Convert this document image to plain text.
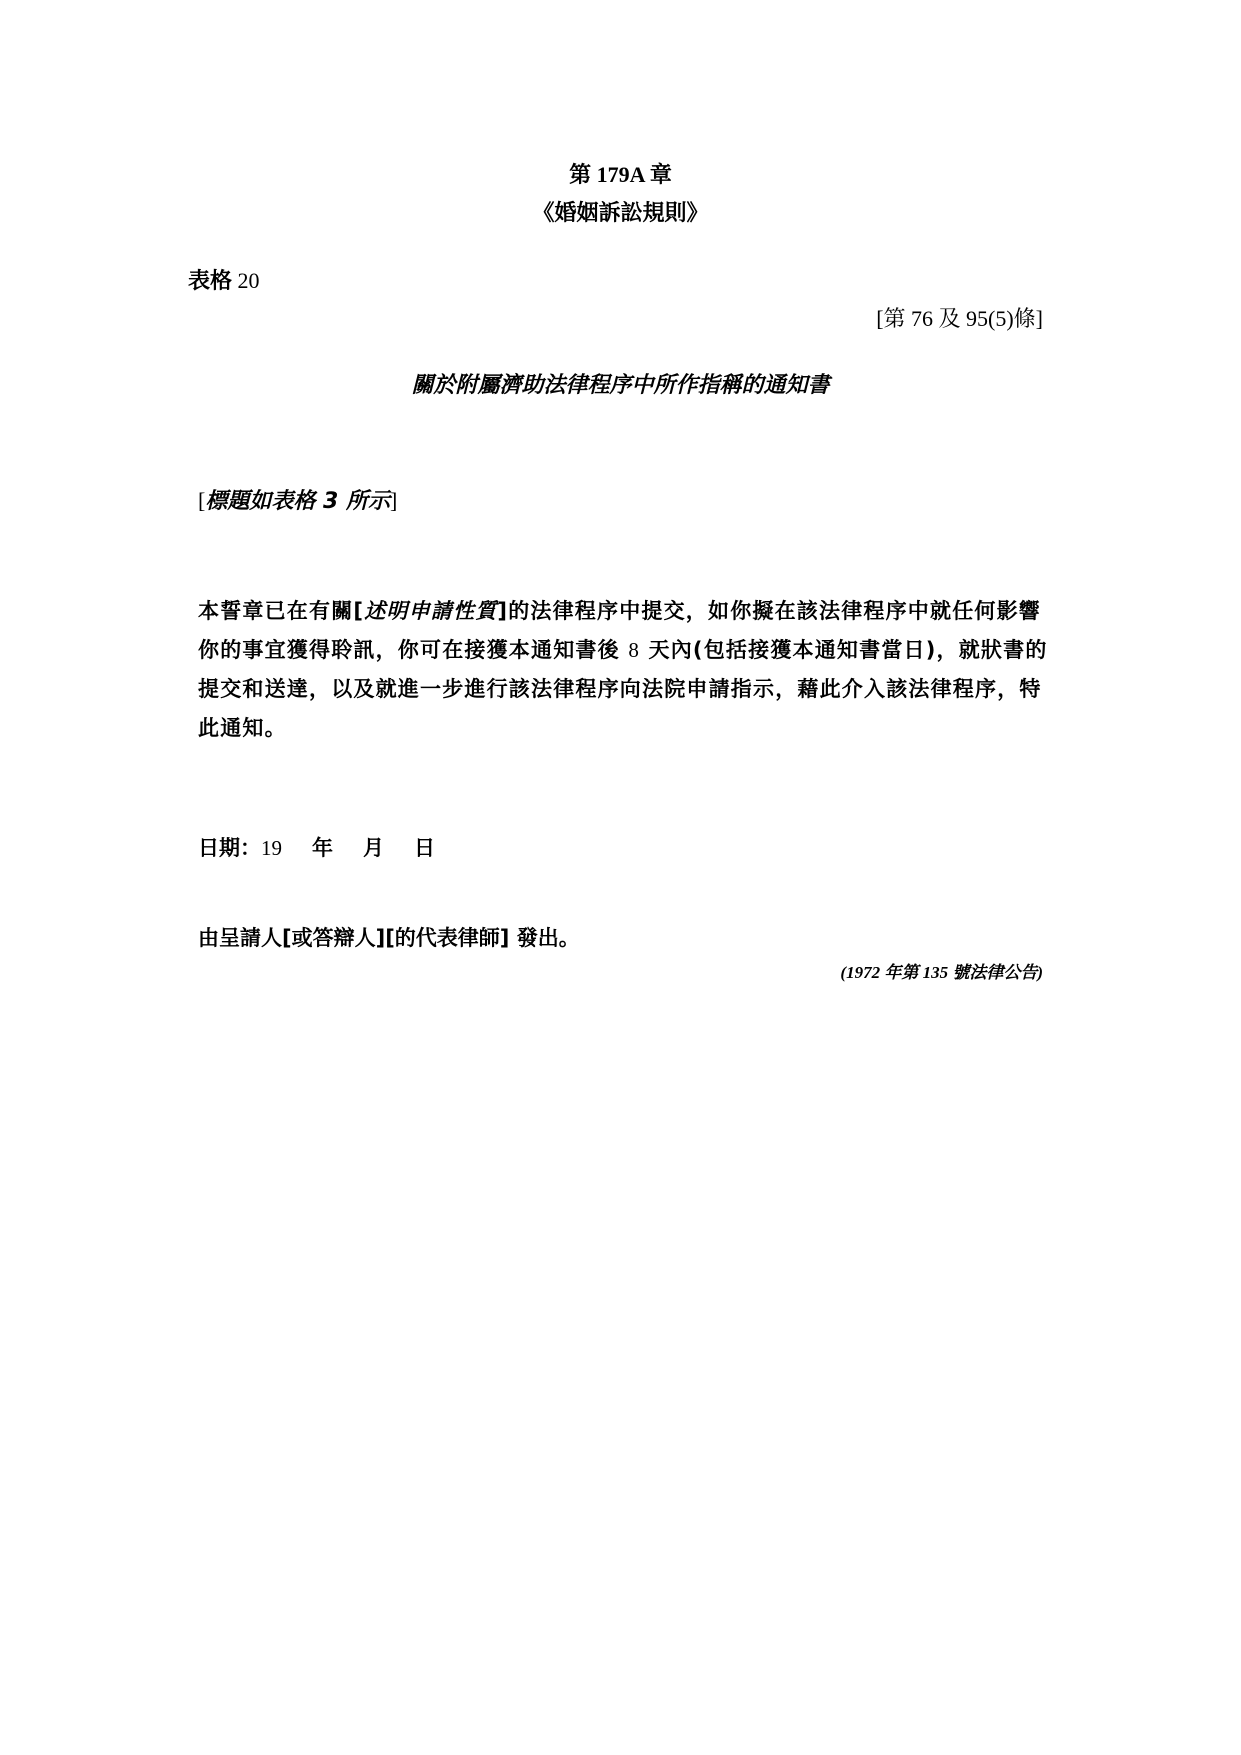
第 179A 章
《婚姻訴訟規則》
表格 20
[第 76 及 95(5)條]
關於附屬濟助法律程序中所作指稱的通知書
[標題如表格 3 所示]
本誓章已在有關[述明申請性質]的法律程序中提交，如你擬在該法律程序中就任何影響
你的事宜獲得聆訊，你可在接獲本通知書後 8 天內(包括接獲本通知書當日)，就狀書的
提交和送達，以及就進一步進行該法律程序向法院申請指示，藉此介入該法律程序，特
此通知。
日期：19 年 月 日
由呈請人[或答辯人][的代表律師] 發出。
(1972 年第 135 號法律公告)
